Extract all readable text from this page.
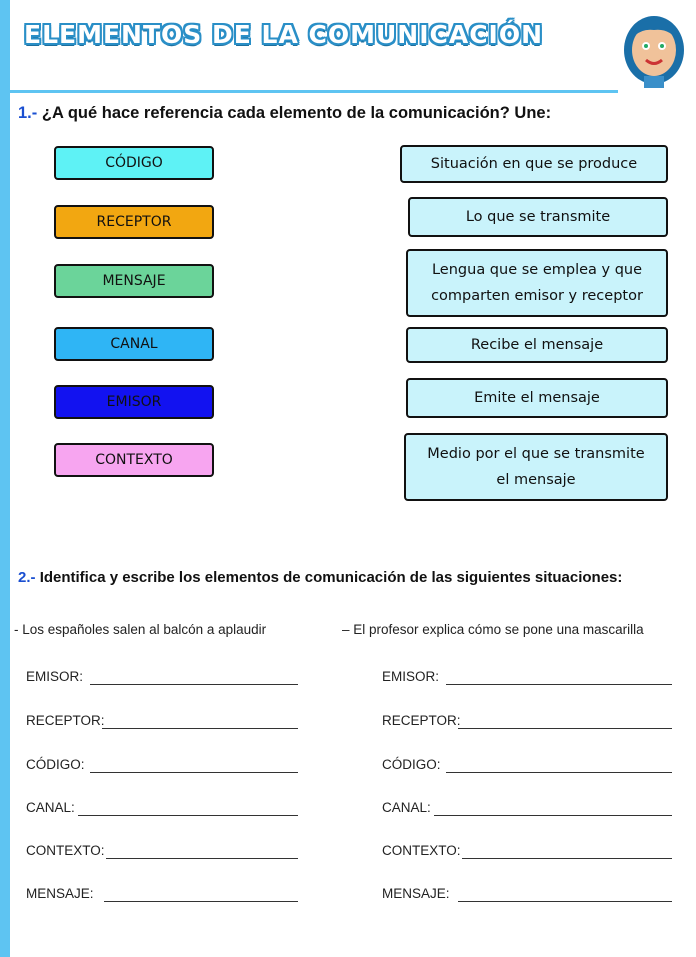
ELEMENTOS DE LA COMUNICACIÓN
1.- ¿A qué hace referencia cada elemento de la comunicación? Une:
CÓDIGO
RECEPTOR
MENSAJE
CANAL
EMISOR
CONTEXTO
Situación en que se produce
Lo que se transmite
Lengua que se emplea y que
comparten emisor y receptor
Recibe el mensaje
Emite el mensaje
Medio por el que se transmite
el mensaje
2.- Identifica y escribe los elementos de comunicación de las siguientes situaciones:
- Los españoles salen al balcón a aplaudir	– El profesor explica cómo se pone una mascarilla
EMISOR:
RECEPTOR:
CÓDIGO:
CANAL:
CONTEXTO:
MENSAJE:
EMISOR:
RECEPTOR:
CÓDIGO:
CANAL:
CONTEXTO:
MENSAJE:
